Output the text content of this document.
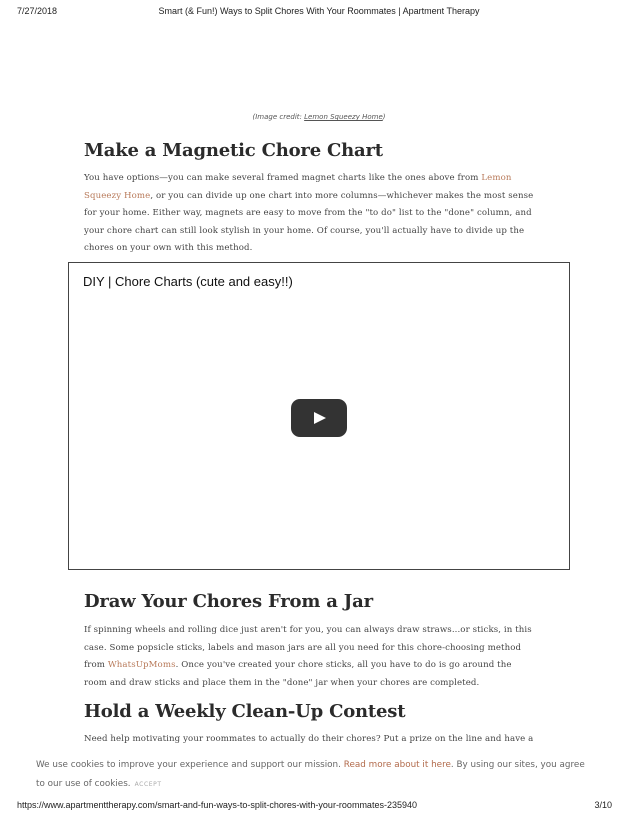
7/27/2018	Smart (& Fun!) Ways to Split Chores With Your Roommates | Apartment Therapy
(Image credit: Lemon Squeezy Home)
Make a Magnetic Chore Chart
You have options—you can make several framed magnet charts like the ones above from Lemon
Squeezy Home, or you can divide up one chart into more columns—whichever makes the most sense
for your home. Either way, magnets are easy to move from the "to do" list to the "done" column, and
your chore chart can still look stylish in your home. Of course, you'll actually have to divide up the
chores on your own with this method.
DIY | Chore Charts (cute and easy!!)
Draw Your Chores From a Jar
If spinning wheels and rolling dice just aren't for you, you can always draw straws...or sticks, in this
case. Some popsicle sticks, labels and mason jars are all you need for this chore-choosing method
from WhatsUpMoms. Once you've created your chore sticks, all you have to do is go around the
room and draw sticks and place them in the "done" jar when your chores are completed.
Hold a Weekly Clean-Up Contest
Need help motivating your roommates to actually do their chores? Put a prize on the line and have a
We use cookies to improve your experience and support our mission. Read more about it here. By using our sites, you agree to our use of cookies. ACCEPT
https://www.apartmenttherapy.com/smart-and-fun-ways-to-split-chores-with-your-roommates-235940	3/10
